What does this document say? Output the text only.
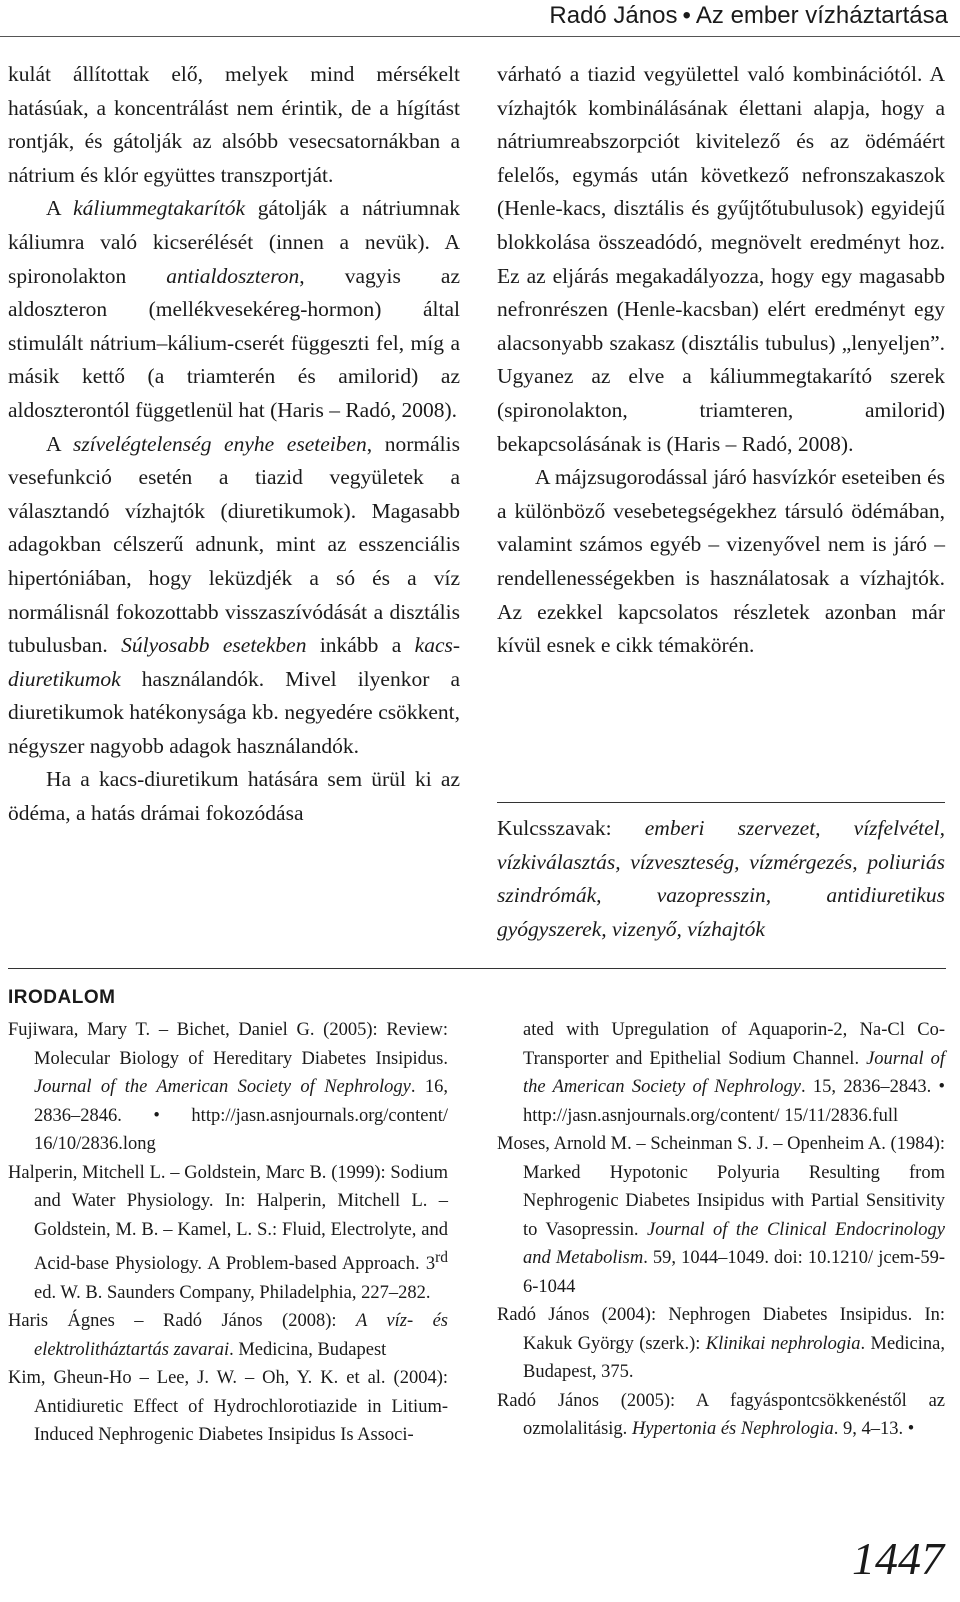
Radó János • Az ember vízháztartása

kulát állítottak elő, melyek mind mérsékelt hatásúak, a koncentrálást nem érintik, de a hígítást rontják, és gátolják az alsóbb vesecsatornákban a nátrium és klór együttes transzportját.

A káliummegtakarítók gátolják a nátriumnak káliumra való kicserélését (innen a nevük). A spironolakton antialdoszteron, vagyis az aldoszteron (mellékvesekéreg-hormon) által stimulált nátrium–kálium-cserét függeszti fel, míg a másik kettő (a triamterén és amilorid) az aldoszterontól függetlenül hat (Haris – Radó, 2008).

A szívelégtelenség enyhe eseteiben, normális vesefunkció esetén a tiazid vegyületek a választandó vízhajtók (diuretikumok). Magasabb adagokban célszerű adnunk, mint az esszenciális hipertóniában, hogy leküzdjék a só és a víz normálisnál fokozottabb visszaszívódását a disztális tubulusban. Súlyosabb esetekben inkább a kacs-diuretikumok használandók. Mivel ilyenkor a diuretikumok hatékonysága kb. negyedére csökkent, négyszer nagyobb adagok használandók.

Ha a kacs-diuretikum hatására sem ürül ki az ödéma, a hatás drámai fokozódása

várható a tiazid vegyülettel való kombinációtól. A vízhajtók kombinálásának élettani alapja, hogy a nátriumreabszorpciót kivitelező és az ödémáért felelős, egymás után következő nefronszakaszok (Henle-kacs, disztális és gyűjtőtubulusok) egyidejű blokkolása összeadódó, megnövelt eredményt hoz. Ez az eljárás megakadályozza, hogy egy magasabb nefronrészen (Henle-kacsban) elért eredményt egy alacsonyabb szakasz (disztális tubulus) „lenyeljen”. Ugyanez az elve a káliummegtakarító szerek (spironolakton, triamteren, amilorid) bekapcsolásának is (Haris – Radó, 2008).

A májzsugorodással járó hasvízkór eseteiben és a különböző vesebetegségekhez társuló ödémában, valamint számos egyéb – vizenyővel nem is járó – rendellenességekben is használatosak a vízhajtók. Az ezekkel kapcsolatos részletek azonban már kívül esnek e cikk témakörén.

Kulcsszavak: emberi szervezet, vízfelvétel, vízkiválasztás, vízveszteség, vízmérgezés, poliuriás szindrómák, vazopresszin, antidiuretikus gyógyszerek, vizenyő, vízhajtók
IRODALOM

Fujiwara, Mary T. – Bichet, Daniel G. (2005): Review: Molecular Biology of Hereditary Diabetes Insipidus. Journal of the American Society of Nephrology. 16, 2836–2846. • http://jasn.asnjournals.org/content/ 16/10/2836.long

Halperin, Mitchell L. – Goldstein, Marc B. (1999): Sodium and Water Physiology. In: Halperin, Mitchell L. – Goldstein, M. B. – Kamel, L. S.: Fluid, Electrolyte, and Acid-base Physiology. A Problem-based Approach. 3rd ed. W. B. Saunders Company, Philadelphia, 227–282.

Haris Ágnes – Radó János (2008): A víz- és elektrolitháztartás zavarai. Medicina, Budapest

Kim, Gheun-Ho – Lee, J. W. – Oh, Y. K. et al. (2004): Antidiuretic Effect of Hydrochlorotiazide in Litium-Induced Nephrogenic Diabetes Insipidus Is Associ-

ated with Upregulation of Aquaporin-2, Na-Cl Co-Transporter and Epithelial Sodium Channel. Journal of the American Society of Nephrology. 15, 2836–2843. • http://jasn.asnjournals.org/content/ 15/11/2836.full

Moses, Arnold M. – Scheinman S. J. – Openheim A. (1984): Marked Hypotonic Polyuria Resulting from Nephrogenic Diabetes Insipidus with Partial Sensitivity to Vasopressin. Journal of the Clinical Endocrinology and Metabolism. 59, 1044–1049. doi: 10.1210/ jcem-59-6-1044

Radó János (2004): Nephrogen Diabetes Insipidus. In: Kakuk György (szerk.): Klinikai nephrologia. Medicina, Budapest, 375.

Radó János (2005): A fagyáspontcsökkenéstől az ozmolalitásig. Hypertonia és Nephrologia. 9, 4–13. •

1447
